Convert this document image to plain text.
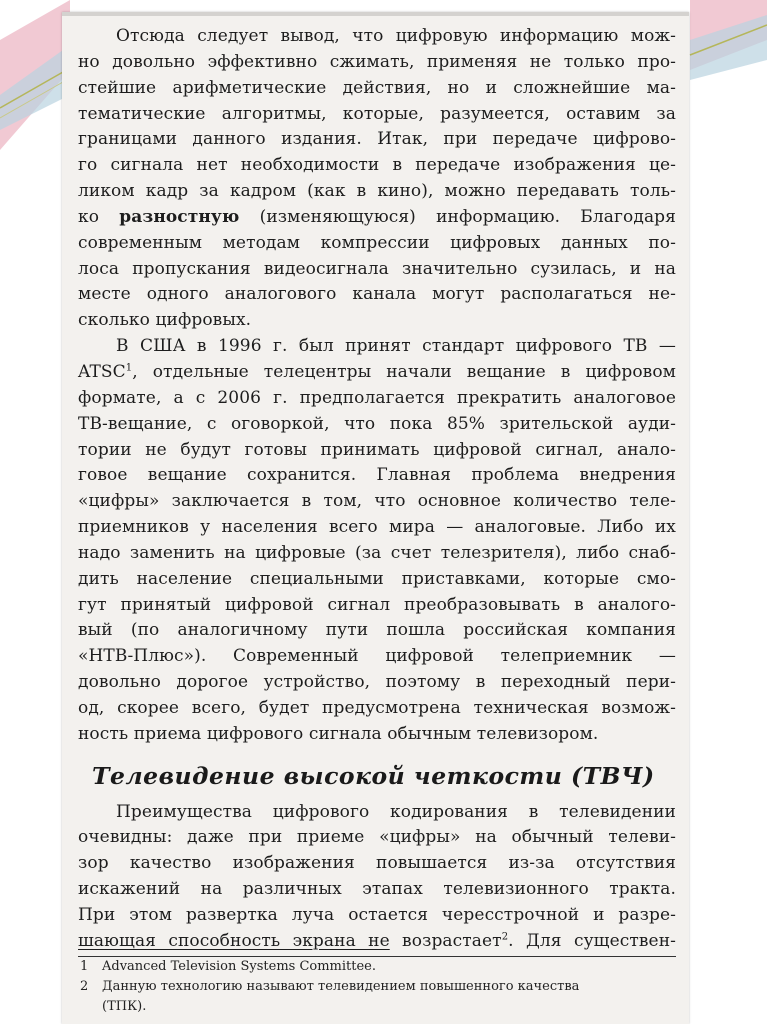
Отсюда следует вывод, что цифровую информацию мож-
но довольно эффективно сжимать, применяя не только про-
стейшие арифметические действия, но и сложнейшие ма-
тематические алгоритмы, которые, разумеется, оставим за
границами данного издания. Итак, при передаче цифрово-
го сигнала нет необходимости в передаче изображения це-
ликом кадр за кадром (как в кино), можно передавать толь-
ко разностную (изменяющуюся) информацию. Благодаря
современным методам компрессии цифровых данных по-
лоса пропускания видеосигнала значительно сузилась, и на
месте одного аналогового канала могут располагаться не-
сколько цифровых.
В США в 1996 г. был принят стандарт цифрового ТВ —
ATSC$^1$, отдельные телецентры начали вещание в цифровом
формате, а с 2006 г. предполагается прекратить аналоговое
ТВ-вещание, с оговоркой, что пока 85% зрительской ауди-
тории не будут готовы принимать цифровой сигнал, анало-
говое вещание сохранится. Главная проблема внедрения
«цифры» заключается в том, что основное количество теле-
приемников у населения всего мира — аналоговые. Либо их
надо заменить на цифровые (за счет телезрителя), либо снаб-
дить население специальными приставками, которые смо-
гут принятый цифровой сигнал преобразовывать в аналого-
вый (по аналогичному пути пошла российская компания
«НТВ-Плюс»). Современный цифровой телеприемник —
довольно дорогое устройство, поэтому в переходный пери-
од, скорее всего, будет предусмотрена техническая возмож-
ность приема цифрового сигнала обычным телевизором.
Телевидение высокой четкости (ТВЧ)
Преимущества цифрового кодирования в телевидении
очевидны: даже при приеме «цифры» на обычный телеви-
зор качество изображения повышается из-за отсутствия
искажений на различных этапах телевизионного тракта.
При этом развертка луча остается чересстрочной и разре-
шающая способность экрана не возрастает$^2$. Для существен-
1 Advanced Television Systems Committee.
2 Данную технологию называют телевидением повышенного качества
(ТПК).
